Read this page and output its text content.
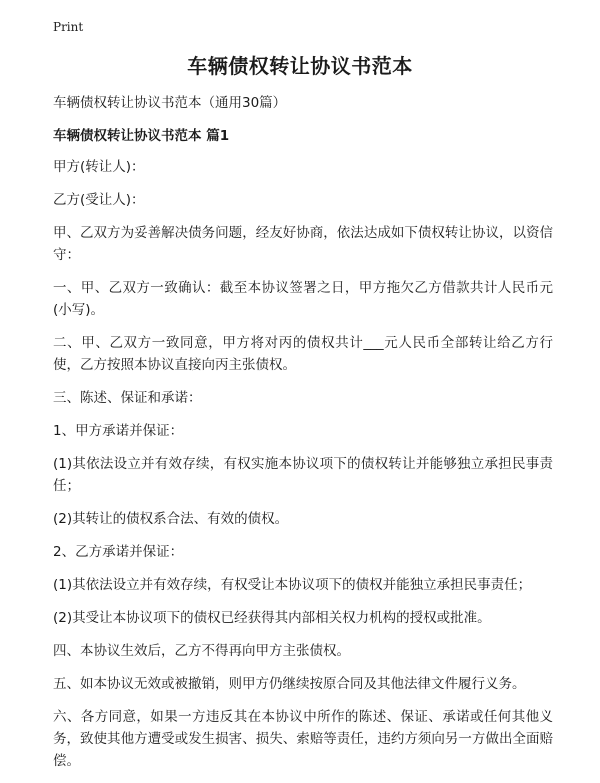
Print
车辆债权转让协议书范本

车辆债权转让协议书范本（通用30篇）

车辆债权转让协议书范本 篇1

甲方(转让人)：

乙方(受让人)：

甲、乙双方为妥善解决债务问题，经友好协商，依法达成如下债权转让协议，以资信守：

一、甲、乙双方一致确认：截至本协议签署之日，甲方拖欠乙方借款共计人民币元(小写)。

二、甲、乙双方一致同意，甲方将对丙的债权共计___元人民币全部转让给乙方行使，乙方按照本协议直接向丙主张债权。

三、陈述、保证和承诺：

1、甲方承诺并保证：

(1)其依法设立并有效存续，有权实施本协议项下的债权转让并能够独立承担民事责任；

(2)其转让的债权系合法、有效的债权。

2、乙方承诺并保证：

(1)其依法设立并有效存续，有权受让本协议项下的债权并能独立承担民事责任；

(2)其受让本协议项下的债权已经获得其内部相关权力机构的授权或批准。

四、本协议生效后，乙方不得再向甲方主张债权。

五、如本协议无效或被撤销，则甲方仍继续按原合同及其他法律文件履行义务。

六、各方同意，如果一方违反其在本协议中所作的陈述、保证、承诺或任何其他义务，致使其他方遭受或发生损害、损失、索赔等责任，违约方须向另一方做出全面赔偿。
